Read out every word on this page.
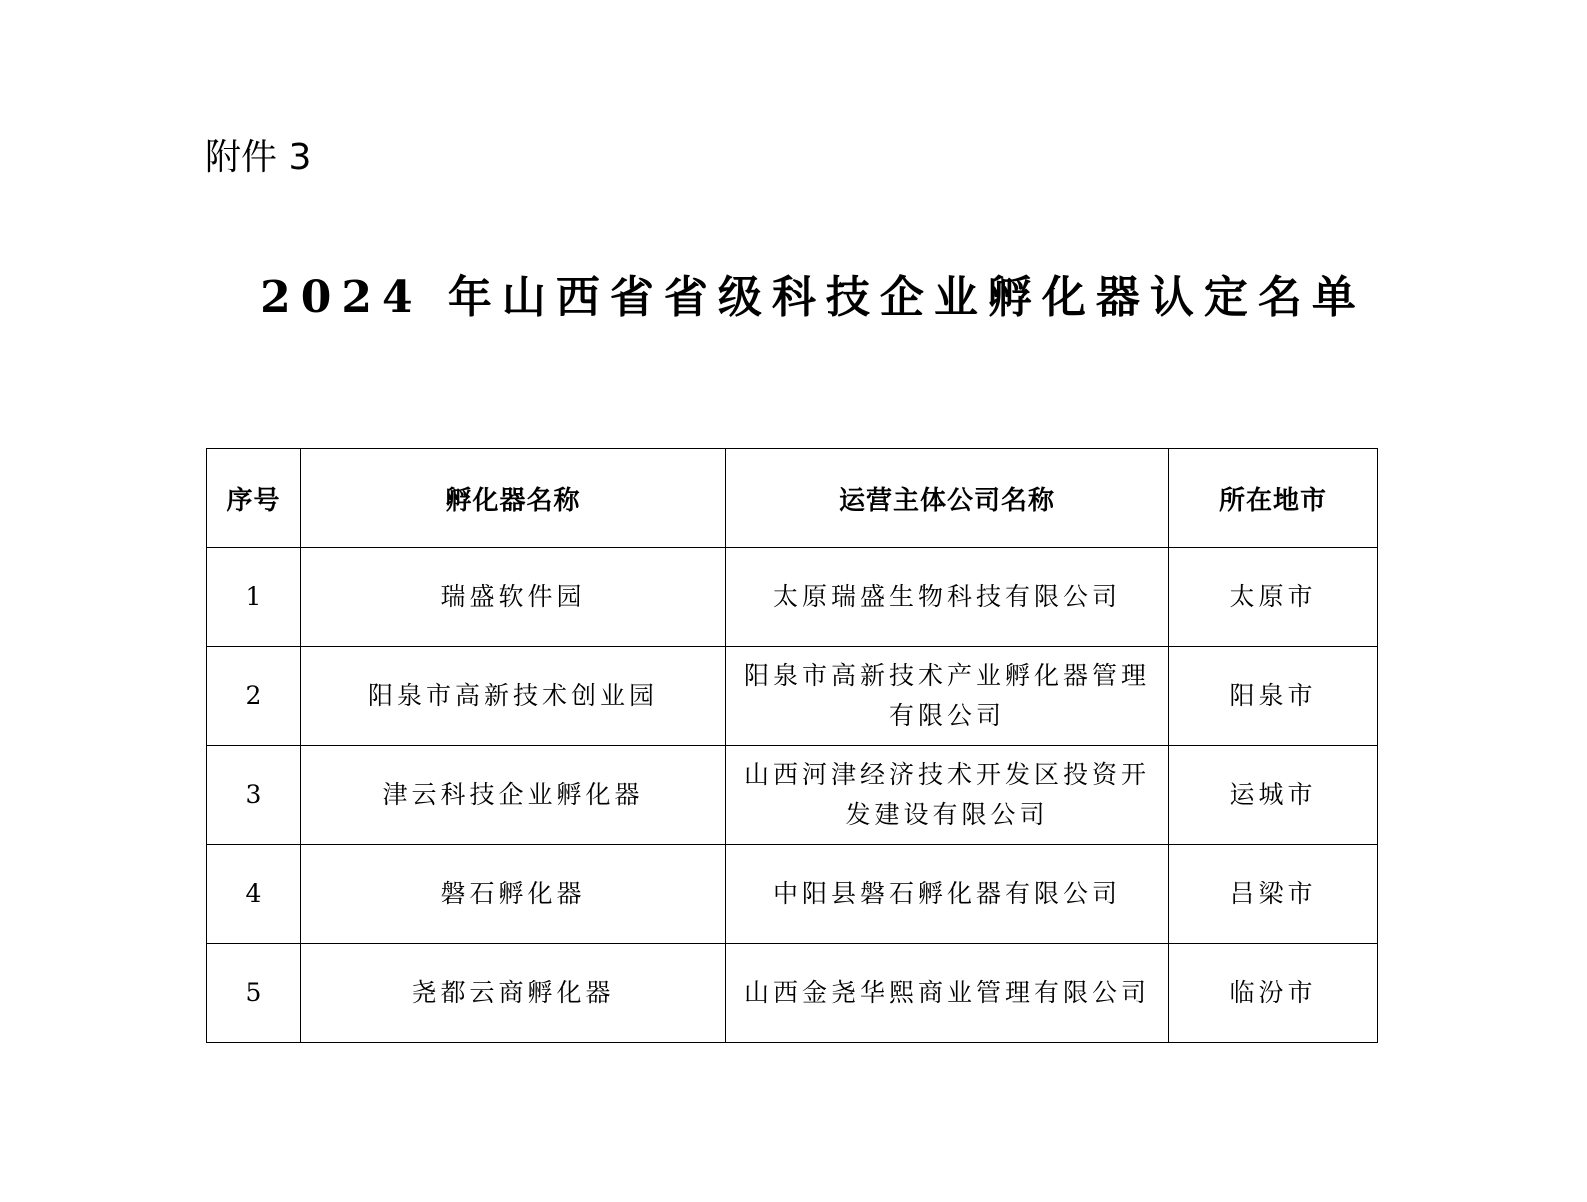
附件 3
2024 年山西省省级科技企业孵化器认定名单
序号	孵化器名称	运营主体公司名称	所在地市
1	瑞盛软件园	太原瑞盛生物科技有限公司	太原市
2	阳泉市高新技术创业园	阳泉市高新技术产业孵化器管理有限公司	阳泉市
3	津云科技企业孵化器	山西河津经济技术开发区投资开发建设有限公司	运城市
4	磐石孵化器	中阳县磐石孵化器有限公司	吕梁市
5	尧都云商孵化器	山西金尧华熙商业管理有限公司	临汾市
